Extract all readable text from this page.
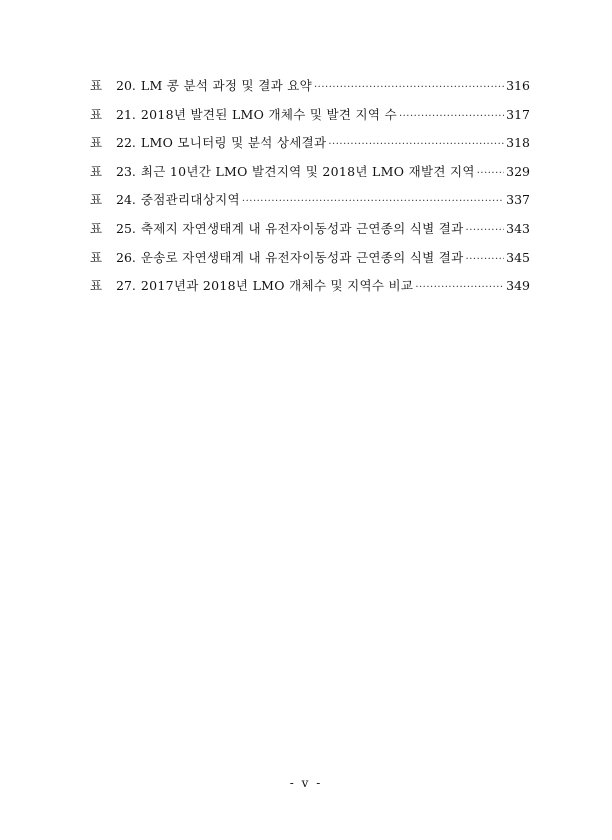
표	20. LM 콩 분석 과정 및 결과 요약 ·····	316
표	21. 2018년 발견된 LMO 개체수 및 발견 지역 수 ·····	317
표	22. LMO 모니터링 및 분석 상세결과 ·····	318
표	23. 최근 10년간 LMO 발견지역 및 2018년 LMO 재발견 지역 ·····	329
표	24. 중점관리대상지역 ·····	337
표	25. 축제지 자연생태계 내 유전자이동성과 근연종의 식별 결과 ·····	343
표	26. 운송로 자연생태계 내 유전자이동성과 근연종의 식별 결과 ·····	345
표	27. 2017년과 2018년 LMO 개체수 및 지역수 비교 ·····	349
- v -
